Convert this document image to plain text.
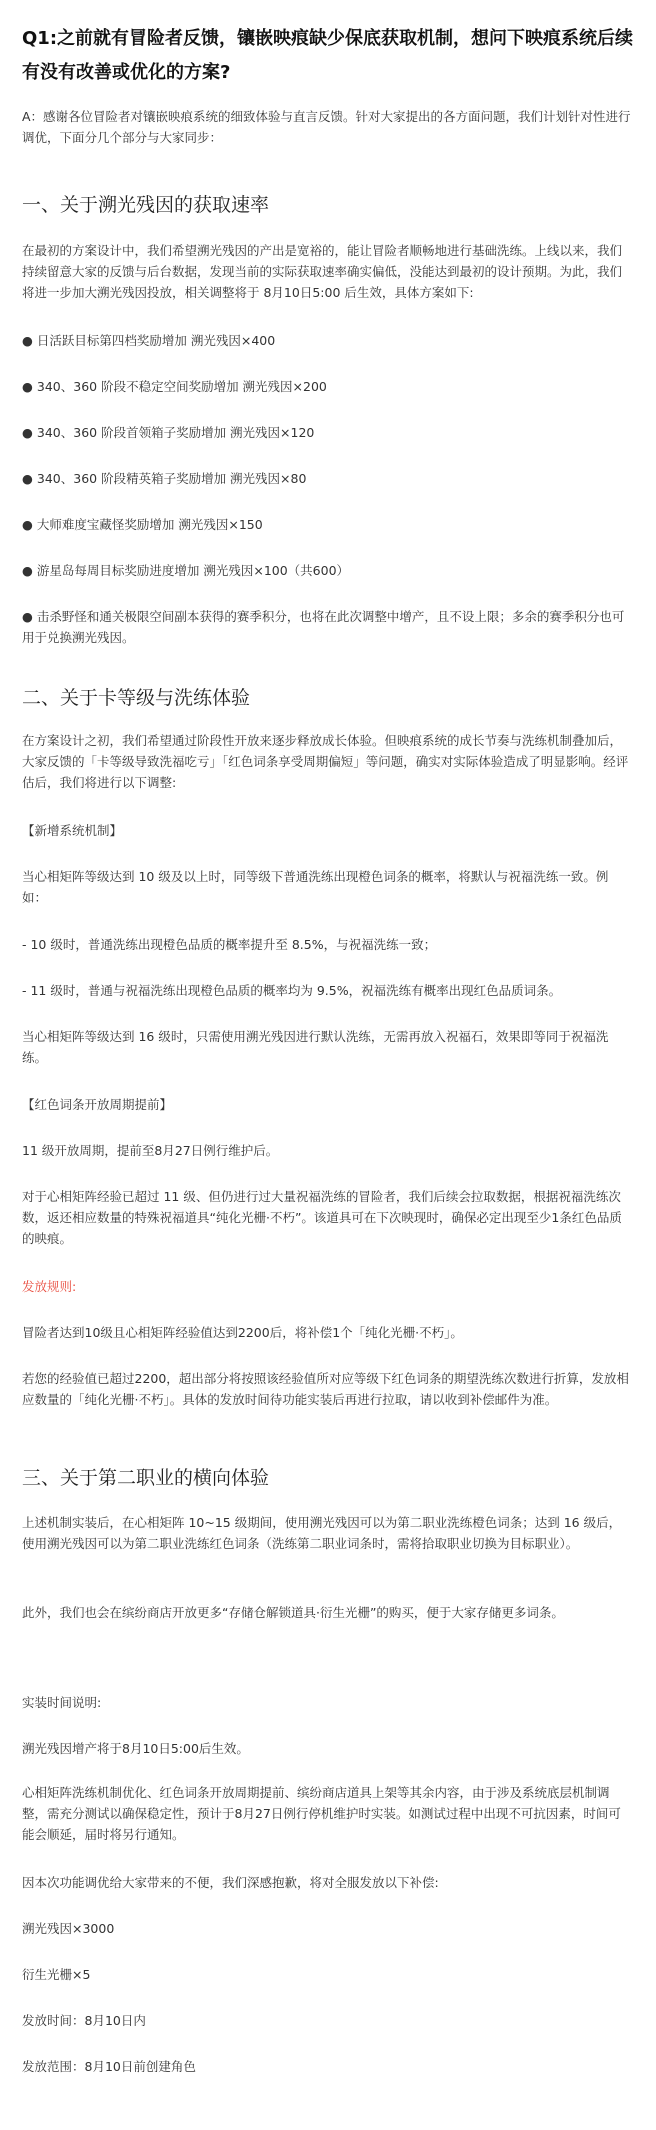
Q1:之前就有冒险者反馈，镶嵌映痕缺少保底获取机制，想问下映痕系统后续有没有改善或优化的方案?

A：感谢各位冒险者对镶嵌映痕系统的细致体验与直言反馈。针对大家提出的各方面问题，我们计划针对性进行调优，下面分几个部分与大家同步：

一、关于溯光残因的获取速率

在最初的方案设计中，我们希望溯光残因的产出是宽裕的，能让冒险者顺畅地进行基础洗练。上线以来，我们持续留意大家的反馈与后台数据，发现当前的实际获取速率确实偏低，没能达到最初的设计预期。为此，我们将进一步加大溯光残因投放，相关调整将于 8月10日5:00 后生效，具体方案如下:

● 日活跃目标第四档奖励增加 溯光残因×400

● 340、360 阶段不稳定空间奖励增加 溯光残因×200

● 340、360 阶段首领箱子奖励增加 溯光残因×120

● 340、360 阶段精英箱子奖励增加 溯光残因×80

● 大师难度宝藏怪奖励增加 溯光残因×150

● 游星岛每周目标奖励进度增加 溯光残因×100（共600）

● 击杀野怪和通关极限空间副本获得的赛季积分，也将在此次调整中增产，且不设上限；多余的赛季积分也可用于兑换溯光残因。

二、关于卡等级与洗练体验

在方案设计之初，我们希望通过阶段性开放来逐步释放成长体验。但映痕系统的成长节奏与洗练机制叠加后，大家反馈的「卡等级导致洗福吃亏」「红色词条享受周期偏短」等问题，确实对实际体验造成了明显影响。经评估后，我们将进行以下调整:

【新增系统机制】

当心相矩阵等级达到 10 级及以上时，同等级下普通洗练出现橙色词条的概率，将默认与祝福洗练一致。例如：

- 10 级时，普通洗练出现橙色品质的概率提升至 8.5%，与祝福洗练一致；

- 11 级时，普通与祝福洗练出现橙色品质的概率均为 9.5%，祝福洗练有概率出现红色品质词条。

当心相矩阵等级达到 16 级时，只需使用溯光残因进行默认洗练，无需再放入祝福石，效果即等同于祝福洗练。

【红色词条开放周期提前】

11 级开放周期，提前至8月27日例行维护后。

对于心相矩阵经验已超过 11 级、但仍进行过大量祝福洗练的冒险者，我们后续会拉取数据，根据祝福洗练次数，返还相应数量的特殊祝福道具“纯化光栅·不朽”。该道具可在下次映现时，确保必定出现至少1条红色品质的映痕。

发放规则:

冒险者达到10级且心相矩阵经验值达到2200后，将补偿1个「纯化光栅·不朽」。

若您的经验值已超过2200，超出部分将按照该经验值所对应等级下红色词条的期望洗练次数进行折算，发放相应数量的「纯化光栅·不朽」。具体的发放时间待功能实装后再进行拉取，请以收到补偿邮件为准。

三、关于第二职业的横向体验

上述机制实装后，在心相矩阵 10~15 级期间，使用溯光残因可以为第二职业洗练橙色词条；达到 16 级后，使用溯光残因可以为第二职业洗练红色词条（洗练第二职业词条时，需将拾取职业切换为目标职业）。

此外，我们也会在缤纷商店开放更多“存储仓解锁道具·衍生光栅”的购买，便于大家存储更多词条。

实装时间说明:

溯光残因增产将于8月10日5:00后生效。

心相矩阵洗练机制优化、红色词条开放周期提前、缤纷商店道具上架等其余内容，由于涉及系统底层机制调整，需充分测试以确保稳定性，预计于8月27日例行停机维护时实装。如测试过程中出现不可抗因素，时间可能会顺延，届时将另行通知。

因本次功能调优给大家带来的不便，我们深感抱歉，将对全服发放以下补偿:

溯光残因×3000

衍生光栅×5

发放时间：8月10日内

发放范围：8月10日前创建角色
